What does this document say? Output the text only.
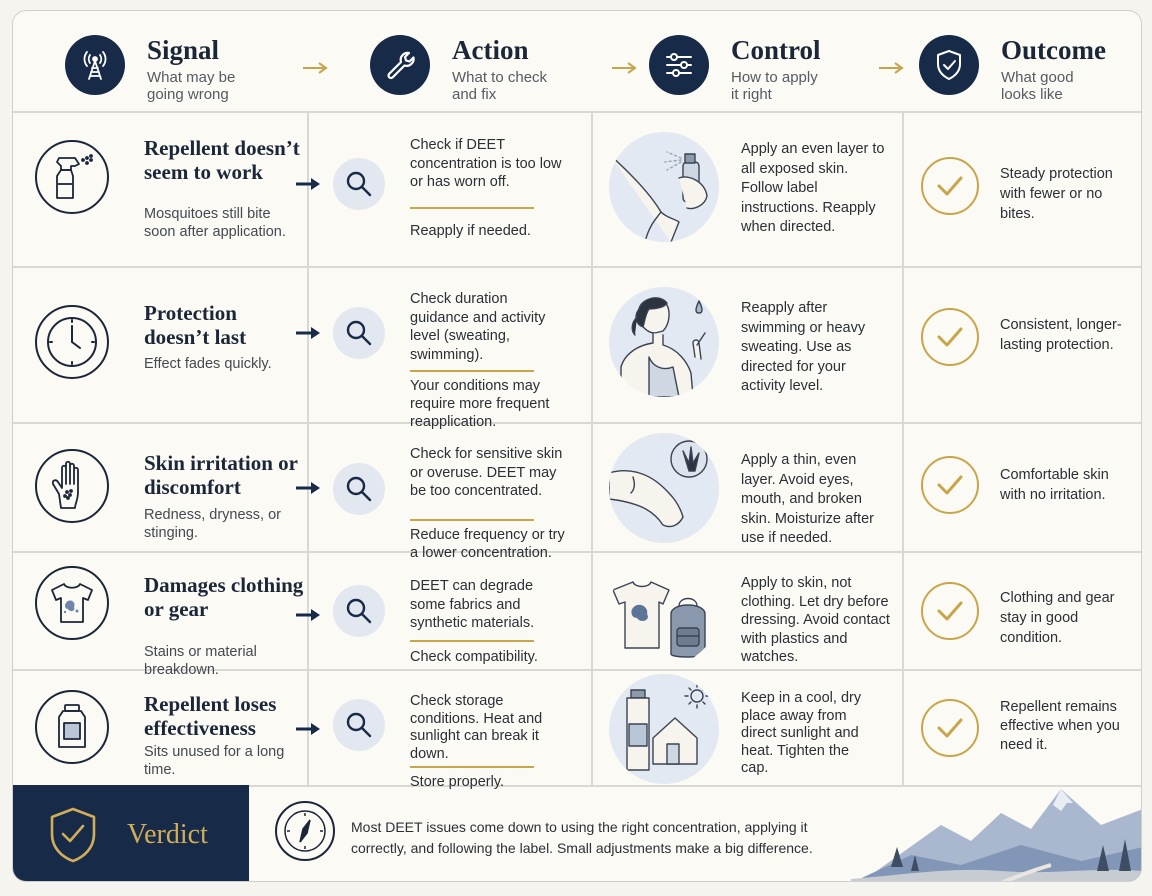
Signal
What may be
going wrong
Action
What to check
and fix
Control
How to apply
it right
Outcome
What good
looks like
Repellent doesn’t seem to work
Mosquitoes still bite soon after application.
Check if DEET concentration is too low or has worn off.
Reapply if needed.
Apply an even layer to all exposed skin. Follow label instructions. Reapply when directed.
Steady protection with fewer or no bites.
Protection doesn’t last
Effect fades quickly.
Check duration guidance and activity level (sweating, swimming).
Your conditions may require more frequent reapplication.
Reapply after swimming or heavy sweating. Use as directed for your activity level.
Consistent, longer-lasting protection.
Skin irritation or discomfort
Redness, dryness, or stinging.
Check for sensitive skin or overuse. DEET may be too concentrated.
Reduce frequency or try a lower concentration.
Apply a thin, even layer. Avoid eyes, mouth, and broken skin. Moisturize after use if needed.
Comfortable skin with no irritation.
Damages clothing or gear
Stains or material breakdown.
DEET can degrade some fabrics and synthetic materials.
Check compatibility.
Apply to skin, not clothing. Let dry before dressing. Avoid contact with plastics and watches.
Clothing and gear stay in good condition.
Repellent loses effectiveness
Sits unused for a long time.
Check storage conditions. Heat and sunlight can break it down.
Store properly.
Keep in a cool, dry place away from direct sunlight and heat. Tighten the cap.
Repellent remains effective when you need it.
Verdict	Most DEET issues come down to using the right concentration, applying it correctly, and following the label. Small adjustments make a big difference.
